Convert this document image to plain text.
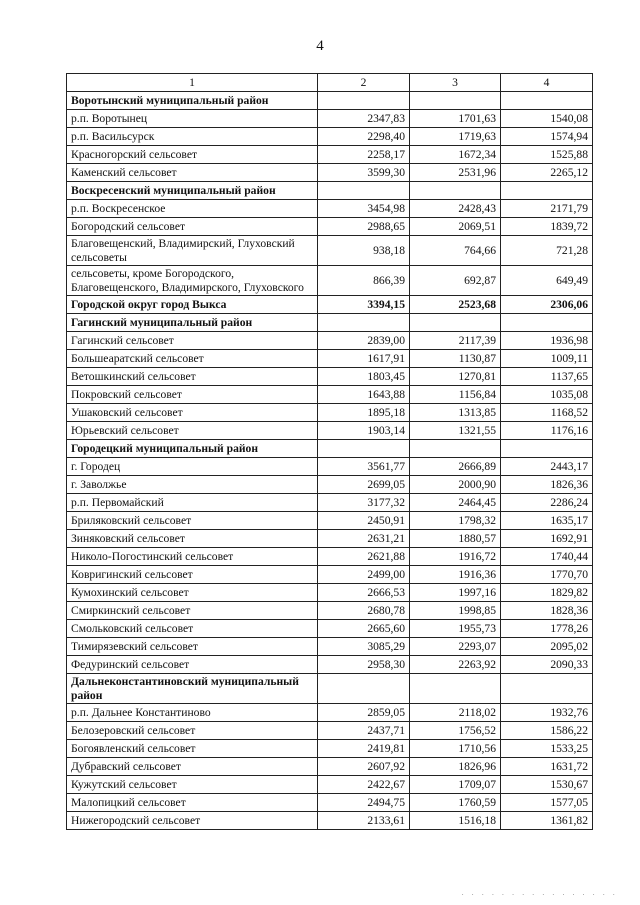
4
1	2	3	4
Воротынский муниципальный район			
р.п. Воротынец	2347,83	1701,63	1540,08
р.п. Васильсурск	2298,40	1719,63	1574,94
Красногорский сельсовет	2258,17	1672,34	1525,88
Каменский сельсовет	3599,30	2531,96	2265,12
Воскресенский муниципальный район			
р.п. Воскресенское	3454,98	2428,43	2171,79
Богородский сельсовет	2988,65	2069,51	1839,72
Благовещенский, Владимирский, Глуховский сельсоветы	938,18	764,66	721,28
сельсоветы, кроме Богородского, Благовещенского, Владимирского, Глуховского	866,39	692,87	649,49
Городской округ город Выкса	3394,15	2523,68	2306,06
Гагинский муниципальный район			
Гагинский сельсовет	2839,00	2117,39	1936,98
Большеаратский сельсовет	1617,91	1130,87	1009,11
Ветошкинский сельсовет	1803,45	1270,81	1137,65
Покровский сельсовет	1643,88	1156,84	1035,08
Ушаковский сельсовет	1895,18	1313,85	1168,52
Юрьевский сельсовет	1903,14	1321,55	1176,16
Городецкий муниципальный район			
г. Городец	3561,77	2666,89	2443,17
г. Заволжье	2699,05	2000,90	1826,36
р.п. Первомайский	3177,32	2464,45	2286,24
Бриляковский сельсовет	2450,91	1798,32	1635,17
Зиняковский сельсовет	2631,21	1880,57	1692,91
Николо-Погостинский сельсовет	2621,88	1916,72	1740,44
Ковригинский сельсовет	2499,00	1916,36	1770,70
Кумохинский сельсовет	2666,53	1997,16	1829,82
Смиркинский сельсовет	2680,78	1998,85	1828,36
Смольковский сельсовет	2665,60	1955,73	1778,26
Тимирязевский сельсовет	3085,29	2293,07	2095,02
Федуринский сельсовет	2958,30	2263,92	2090,33
Дальнеконстантиновский муниципальный район			
р.п. Дальнее Константиново	2859,05	2118,02	1932,76
Белозеровский сельсовет	2437,71	1756,52	1586,22
Богоявленский сельсовет	2419,81	1710,56	1533,25
Дубравский сельсовет	2607,92	1826,96	1631,72
Кужутский сельсовет	2422,67	1709,07	1530,67
Малопицкий сельсовет	2494,75	1760,59	1577,05
Нижегородский сельсовет	2133,61	1516,18	1361,82
· · · · · · · · · · · · · · · ·
